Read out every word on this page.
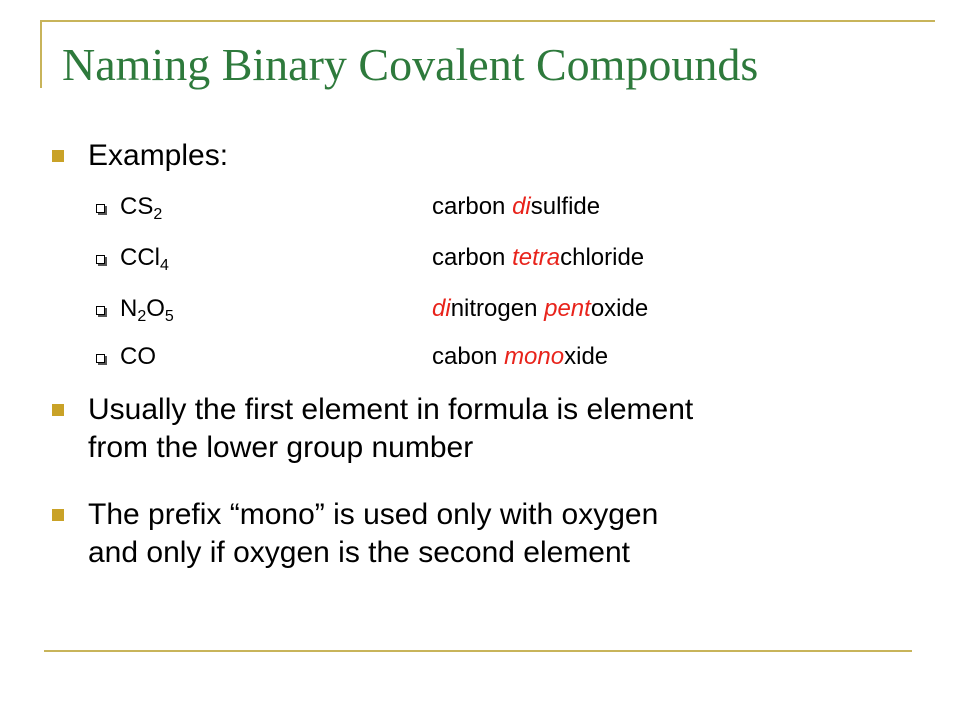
Naming Binary Covalent Compounds
Examples:
$CS_2$	carbon disulfide
CCl$_4$	carbon tetrachloride
$N_2O_5$	dinitrogen pentoxide
CO	cabon monoxide
Usually the first element in formula is element
from the lower group number
The prefix “mono” is used only with oxygen
and only if oxygen is the second element
